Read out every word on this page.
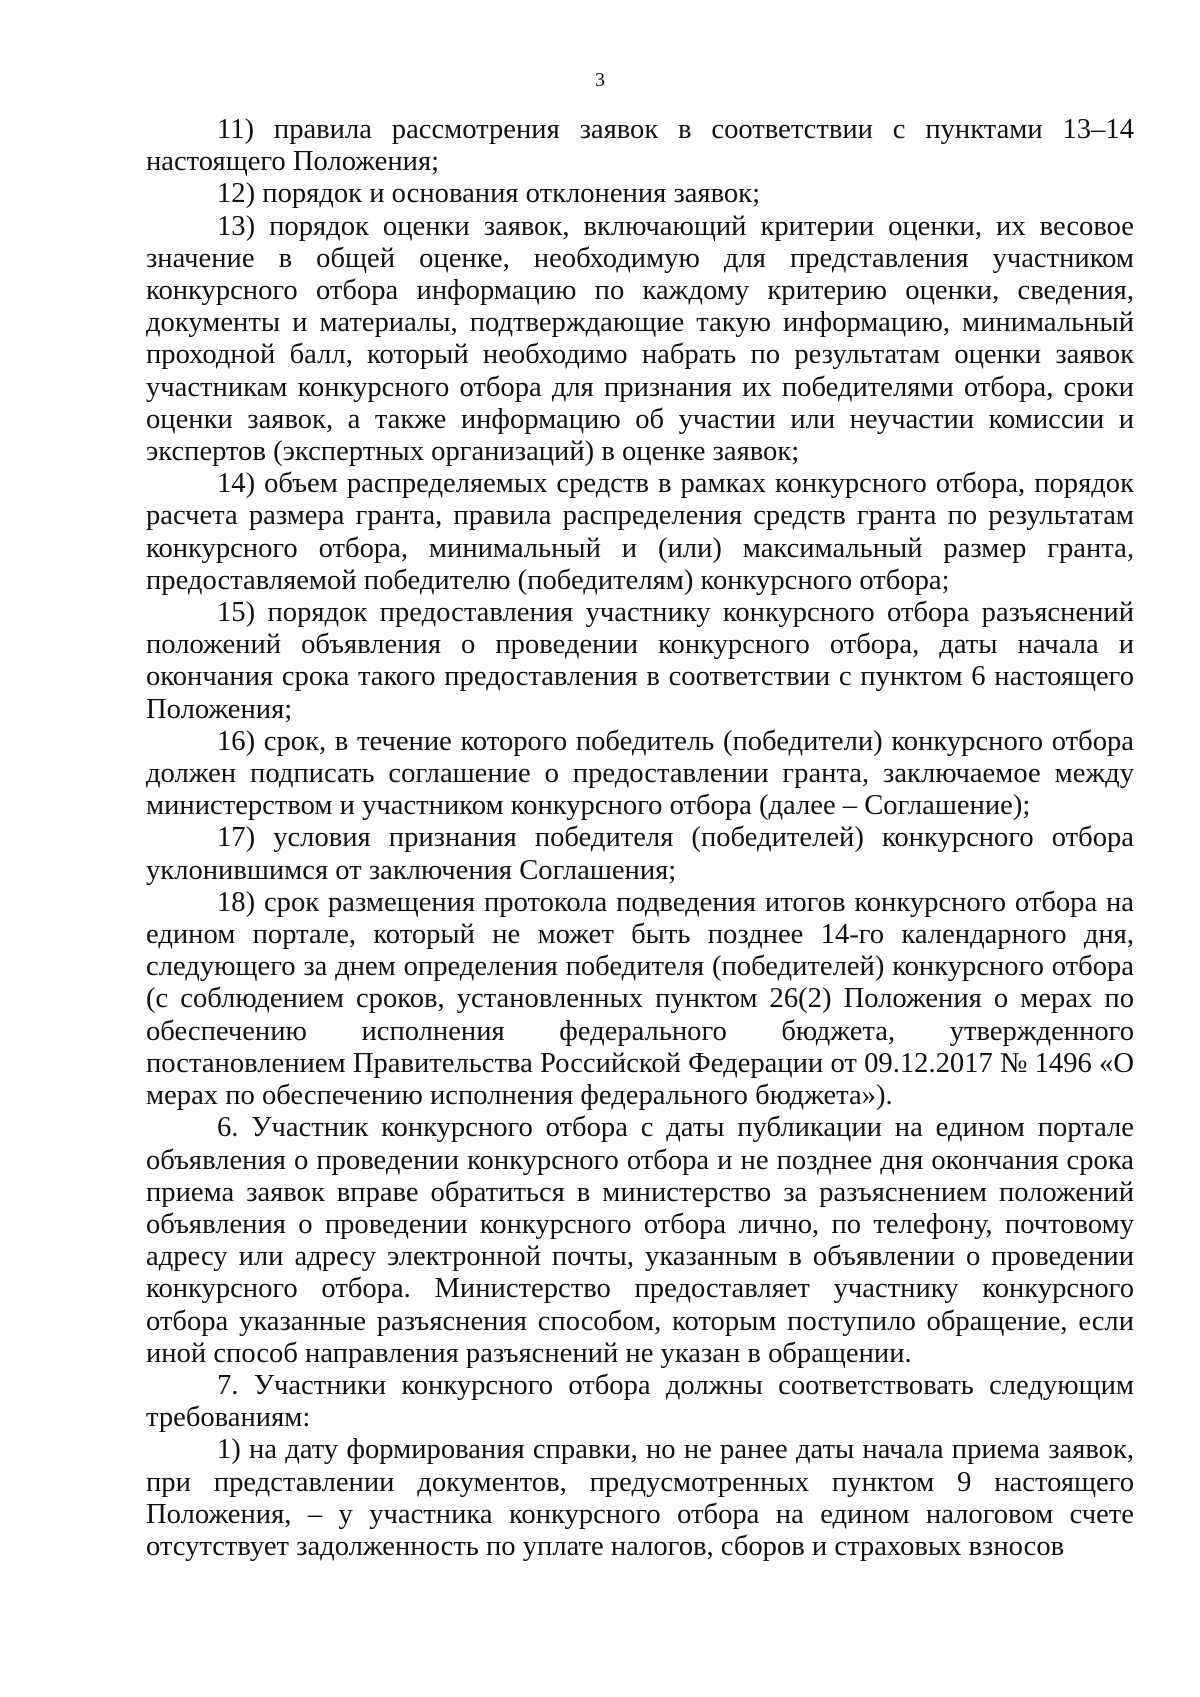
3

11) правила рассмотрения заявок в соответствии с пунктами 13–14 настоящего Положения;

12) порядок и основания отклонения заявок;

13) порядок оценки заявок, включающий критерии оценки, их весовое значение в общей оценке, необходимую для представления участником конкурсного отбора информацию по каждому критерию оценки, сведения, документы и материалы, подтверждающие такую информацию, минимальный проходной балл, который необходимо набрать по результатам оценки заявок участникам конкурсного отбора для признания их победителями отбора, сроки оценки заявок, а также информацию об участии или неучастии комиссии и экспертов (экспертных организаций) в оценке заявок;

14) объем распределяемых средств в рамках конкурсного отбора, порядок расчета размера гранта, правила распределения средств гранта по результатам конкурсного отбора, минимальный и (или) максимальный размер гранта, предоставляемой победителю (победителям) конкурсного отбора;

15) порядок предоставления участнику конкурсного отбора разъяснений положений объявления о проведении конкурсного отбора, даты начала и окончания срока такого предоставления в соответствии с пунктом 6 настоящего Положения;

16) срок, в течение которого победитель (победители) конкурсного отбора должен подписать соглашение о предоставлении гранта, заключаемое между министерством и участником конкурсного отбора (далее – Соглашение);

17) условия признания победителя (победителей) конкурсного отбора уклонившимся от заключения Соглашения;

18) срок размещения протокола подведения итогов конкурсного отбора на едином портале, который не может быть позднее 14-го календарного дня, следующего за днем определения победителя (победителей) конкурсного отбора (с соблюдением сроков, установленных пунктом 26(2) Положения о мерах по обеспечению исполнения федерального бюджета, утвержденного постановлением Правительства Российской Федерации от 09.12.2017 № 1496 «О мерах по обеспечению исполнения федерального бюджета»).

6. Участник конкурсного отбора с даты публикации на едином портале объявления о проведении конкурсного отбора и не позднее дня окончания срока приема заявок вправе обратиться в министерство за разъяснением положений объявления о проведении конкурсного отбора лично, по телефону, почтовому адресу или адресу электронной почты, указанным в объявлении о проведении конкурсного отбора. Министерство предоставляет участнику конкурсного отбора указанные разъяснения способом, которым поступило обращение, если иной способ направления разъяснений не указан в обращении.

7. Участники конкурсного отбора должны соответствовать следующим требованиям:

1) на дату формирования справки, но не ранее даты начала приема заявок, при представлении документов, предусмотренных пунктом 9 настоящего Положения, – у участника конкурсного отбора на едином налоговом счете отсутствует задолженность по уплате налогов, сборов и страховых взносов
